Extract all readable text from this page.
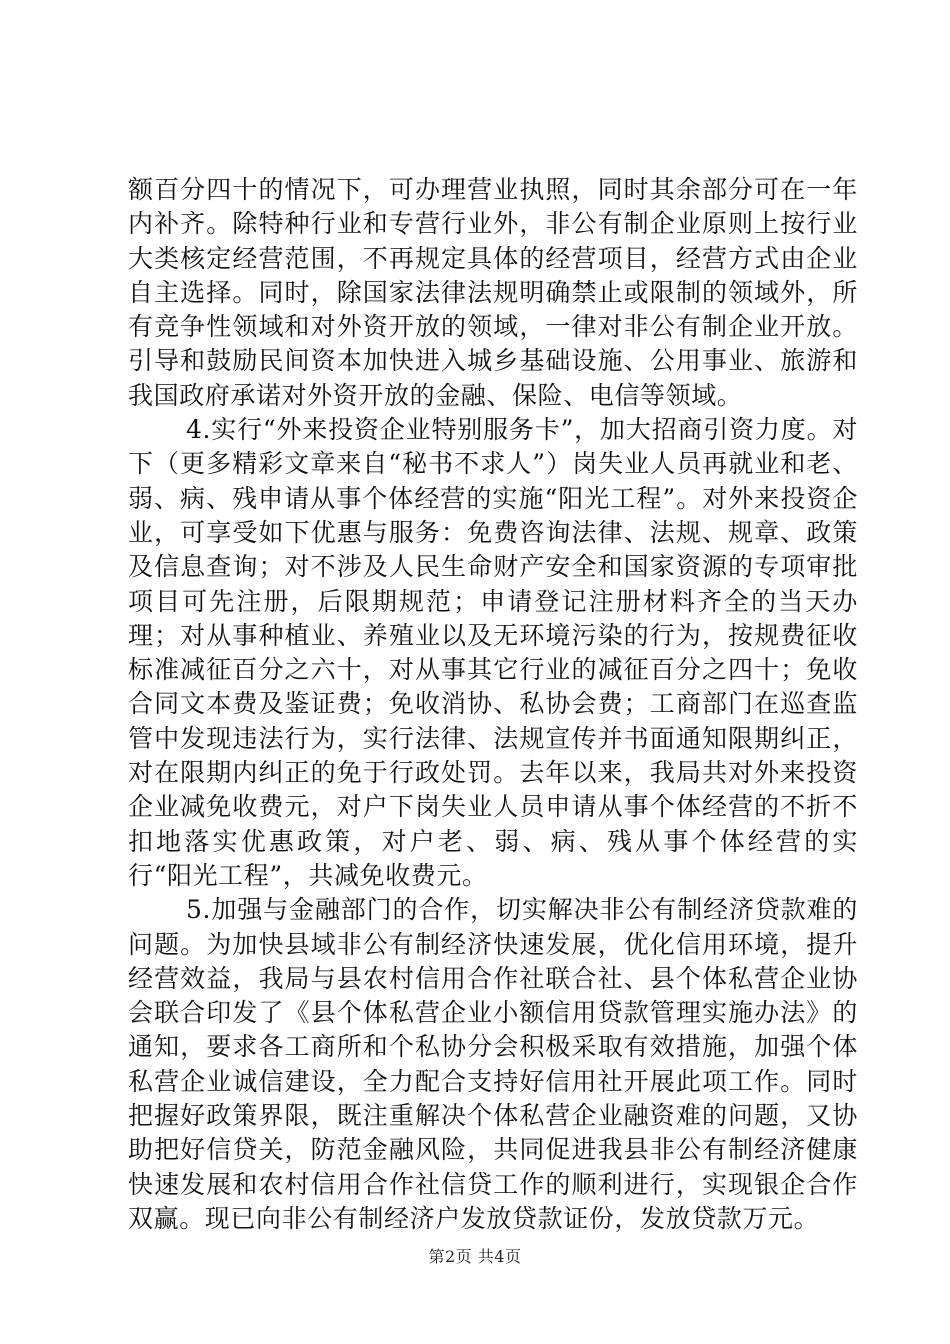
额百分四十的情况下，可办理营业执照，同时其余部分可在一年内补齐。除特种行业和专营行业外，非公有制企业原则上按行业大类核定经营范围，不再规定具体的经营项目，经营方式由企业自主选择。同时，除国家法律法规明确禁止或限制的领域外，所有竞争性领域和对外资开放的领域，一律对非公有制企业开放。引导和鼓励民间资本加快进入城乡基础设施、公用事业、旅游和我国政府承诺对外资开放的金融、保险、电信等领域。

4.实行“外来投资企业特别服务卡”，加大招商引资力度。对下（更多精彩文章来自“秘书不求人”）岗失业人员再就业和老、弱、病、残申请从事个体经营的实施“阳光工程”。对外来投资企业，可享受如下优惠与服务：免费咨询法律、法规、规章、政策及信息查询；对不涉及人民生命财产安全和国家资源的专项审批项目可先注册，后限期规范；申请登记注册材料齐全的当天办理；对从事种植业、养殖业以及无环境污染的行为，按规费征收标准减征百分之六十，对从事其它行业的减征百分之四十；免收合同文本费及鉴证费；免收消协、私协会费；工商部门在巡查监管中发现违法行为，实行法律、法规宣传并书面通知限期纠正，对在限期内纠正的免于行政处罚。去年以来，我局共对外来投资企业减免收费元，对户下岗失业人员申请从事个体经营的不折不扣地落实优惠政策，对户老、弱、病、残从事个体经营的实行“阳光工程”，共减免收费元。

5.加强与金融部门的合作，切实解决非公有制经济贷款难的问题。为加快县域非公有制经济快速发展，优化信用环境，提升经营效益，我局与县农村信用合作社联合社、县个体私营企业协会联合印发了《县个体私营企业小额信用贷款管理实施办法》的通知，要求各工商所和个私协分会积极采取有效措施，加强个体私营企业诚信建设，全力配合支持好信用社开展此项工作。同时把握好政策界限，既注重解决个体私营企业融资难的问题，又协助把好信贷关，防范金融风险，共同促进我县非公有制经济健康快速发展和农村信用合作社信贷工作的顺利进行，实现银企合作双赢。现已向非公有制经济户发放贷款证份，发放贷款万元。

第2页 共4页
